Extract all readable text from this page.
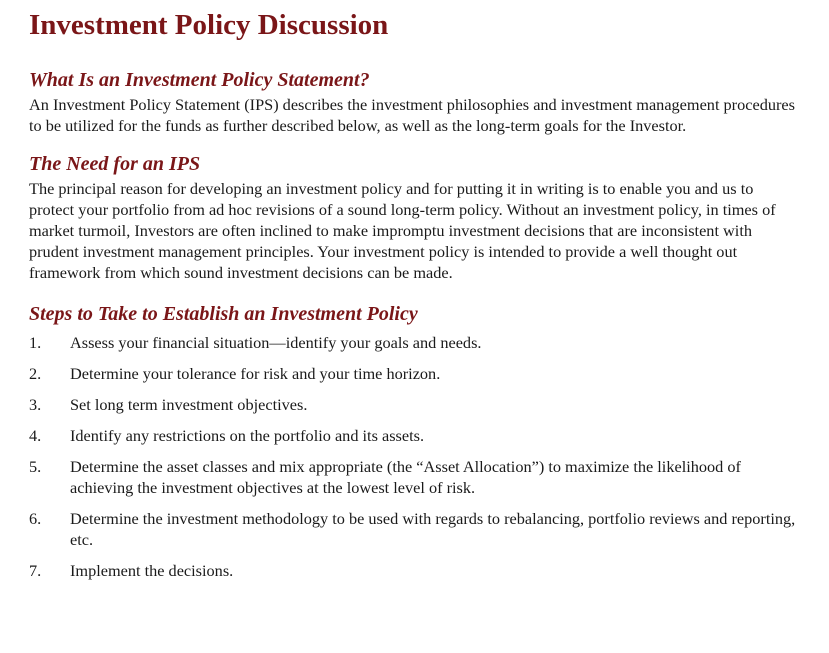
Investment Policy Discussion
What Is an Investment Policy Statement?

An Investment Policy Statement (IPS) describes the investment philosophies and investment management procedures to be utilized for the funds as further described below, as well as the long-term goals for the Investor.

The Need for an IPS

The principal reason for developing an investment policy and for putting it in writing is to enable you and us to protect your portfolio from ad hoc revisions of a sound long-term policy. Without an investment policy, in times of market turmoil, Investors are often inclined to make impromptu investment decisions that are inconsistent with prudent investment management principles. Your investment policy is intended to provide a well thought out framework from which sound investment decisions can be made.

Steps to Take to Establish an Investment Policy
1. Assess your financial situation—identify your goals and needs.
2. Determine your tolerance for risk and your time horizon.
3. Set long term investment objectives.
4. Identify any restrictions on the portfolio and its assets.
5. Determine the asset classes and mix appropriate (the “Asset Allocation”) to maximize the likelihood of achieving the investment objectives at the lowest level of risk.
6. Determine the investment methodology to be used with regards to rebalancing, portfolio reviews and reporting, etc.
7. Implement the decisions.
